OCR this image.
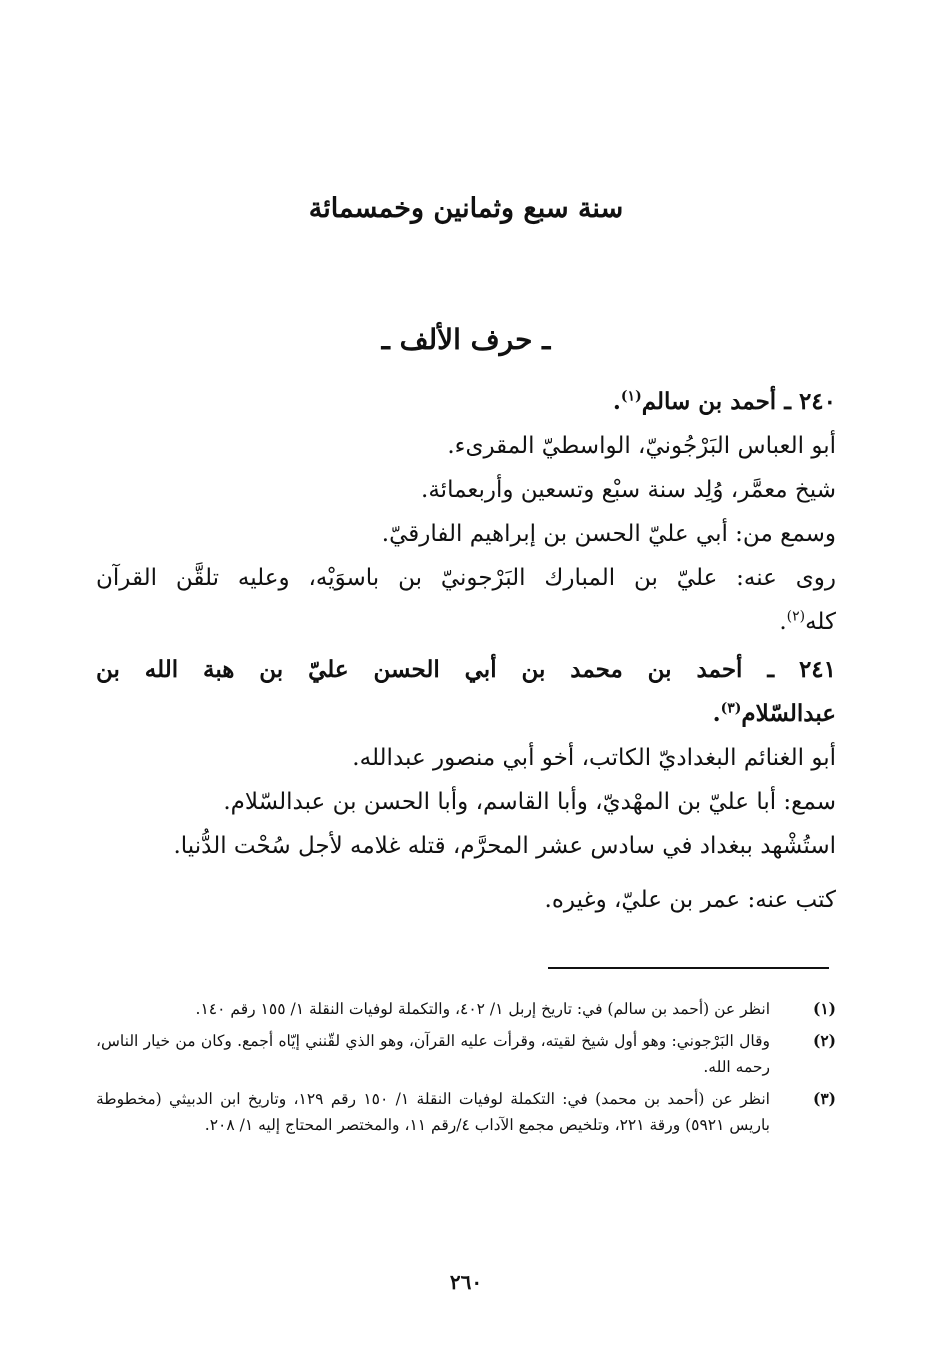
سنة سبع وثمانين وخمسمائة
ـ حرف الألف ـ
٢٤٠ ـ أحمد بن سالم$^{(١)}$.
أبو العباس البَرْجُونيّ، الواسطيّ المقرىء.
شيخ معمَّر، وُلِد سنة سبْع وتسعين وأربعمائة.
وسمع من: أبي عليّ الحسن بن إبراهيم الفارقيّ.
روى عنه: عليّ بن المبارك البَرْجونيّ بن باسوَيْه، وعليه تلقَّن القرآن كله$^{(٢)}$.
٢٤١ ـ أحمد بن محمد بن أبي الحسن عليّ بن هبة الله بن عبدالسّلام$^{(٣)}$.
أبو الغنائم البغداديّ الكاتب، أخو أبي منصور عبدالله.
سمع: أبا عليّ بن المهْديّ، وأبا القاسم، وأبا الحسن بن عبدالسّلام.
استُشْهد ببغداد في سادس عشر المحرَّم، قتله غلامه لأجل سُحْت الدُّنيا.
كتب عنه: عمر بن عليّ، وغيره.
(١)
انظر عن (أحمد بن سالم) في: تاريخ إربل ١/ ٤٠٢، والتكملة لوفيات النقلة ١/ ١٥٥ رقم ١٤٠.
(٢)
وقال البَرْجوني: وهو أول شيخ لقيته، وقرأت عليه القرآن، وهو الذي لقّنني إيّاه أجمع. وكان من خيار الناس، رحمه الله.
(٣)
انظر عن (أحمد بن محمد) في: التكملة لوفيات النقلة ١/ ١٥٠ رقم ١٢٩، وتاريخ ابن الدبيثي (مخطوطة باريس ٥٩٢١) ورقة ٢٢١، وتلخيص مجمع الآداب ٤/رقم ١١، والمختصر المحتاج إليه ١/ ٢٠٨.
٢٦٠
